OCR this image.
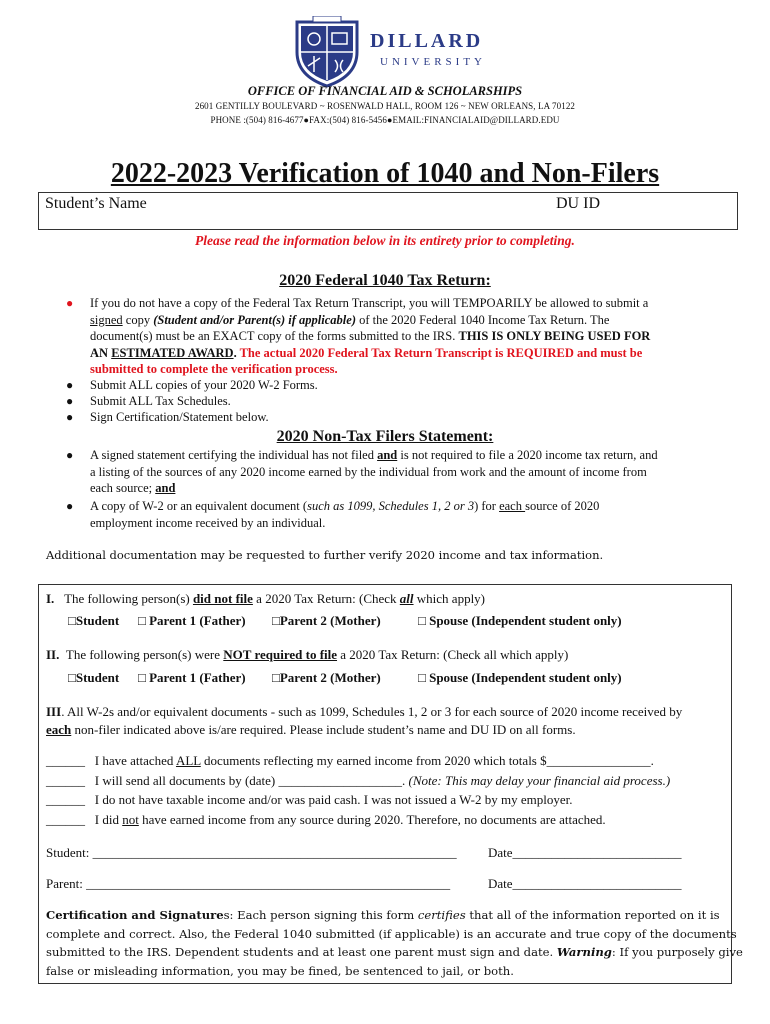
DILLARD
UNIVERSITY
OFFICE OF FINANCIAL AID & SCHOLARSHIPS
2601 GENTILLY BOULEVARD ~ ROSENWALD HALL, ROOM 126 ~ NEW ORLEANS, LA 70122
PHONE :(504) 816-4677●FAX:(504) 816-5456●EMAIL:FINANCIALAID@DILLARD.EDU
2022-2023 Verification of 1040 and Non-Filers
Student’s Name	DU ID
Please read the information below in its entirety prior to completing.
2020 Federal 1040 Tax Return:
● If you do not have a copy of the Federal Tax Return Transcript, you will TEMPOARILY be allowed to submit a
signed copy (Student and/or Parent(s) if applicable) of the 2020 Federal 1040 Income Tax Return. The
document(s) must be an EXACT copy of the forms submitted to the IRS. THIS IS ONLY BEING USED FOR
AN ESTIMATED AWARD. The actual 2020 Federal Tax Return Transcript is REQUIRED and must be
submitted to complete the verification process.
● Submit ALL copies of your 2020 W-2 Forms.
● Submit ALL Tax Schedules.
● Sign Certification/Statement below.
2020 Non-Tax Filers Statement:
● A signed statement certifying the individual has not filed and is not required to file a 2020 income tax return, and
a listing of the sources of any 2020 income earned by the individual from work and the amount of income from
each source; and
● A copy of W-2 or an equivalent document (such as 1099, Schedules 1, 2 or 3) for each source of 2020
employment income received by an individual.
Additional documentation may be requested to further verify 2020 income and tax information.
I. The following person(s) did not file a 2020 Tax Return: (Check all which apply)
□Student □ Parent 1 (Father) □Parent 2 (Mother)	□ Spouse (Independent student only)
II. The following person(s) were NOT required to file a 2020 Tax Return: (Check all which apply)
□Student □ Parent 1 (Father) □Parent 2 (Mother)	□ Spouse (Independent student only)
III. All W-2s and/or equivalent documents - such as 1099, Schedules 1, 2 or 3 for each source of 2020 income received by
each non-filer indicated above is/are required. Please include student’s name and DU ID on all forms.
______ I have attached ALL documents reflecting my earned income from 2020 which totals $________________.
______ I will send all documents by (date) ___________________. (Note: This may delay your financial aid process.)
______ I do not have taxable income and/or was paid cash. I was not issued a W-2 by my employer.
______ I did not have earned income from any source during 2020. Therefore, no documents are attached.
Student: ________________________________________________________ Date__________________________
Parent: ________________________________________________________	Date__________________________
Certification and Signatures: Each person signing this form certifies that all of the information reported on it is
complete and correct. Also, the Federal 1040 submitted (if applicable) is an accurate and true copy of the documents
submitted to the IRS. Dependent students and at least one parent must sign and date. Warning: If you purposely give
false or misleading information, you may be fined, be sentenced to jail, or both.
